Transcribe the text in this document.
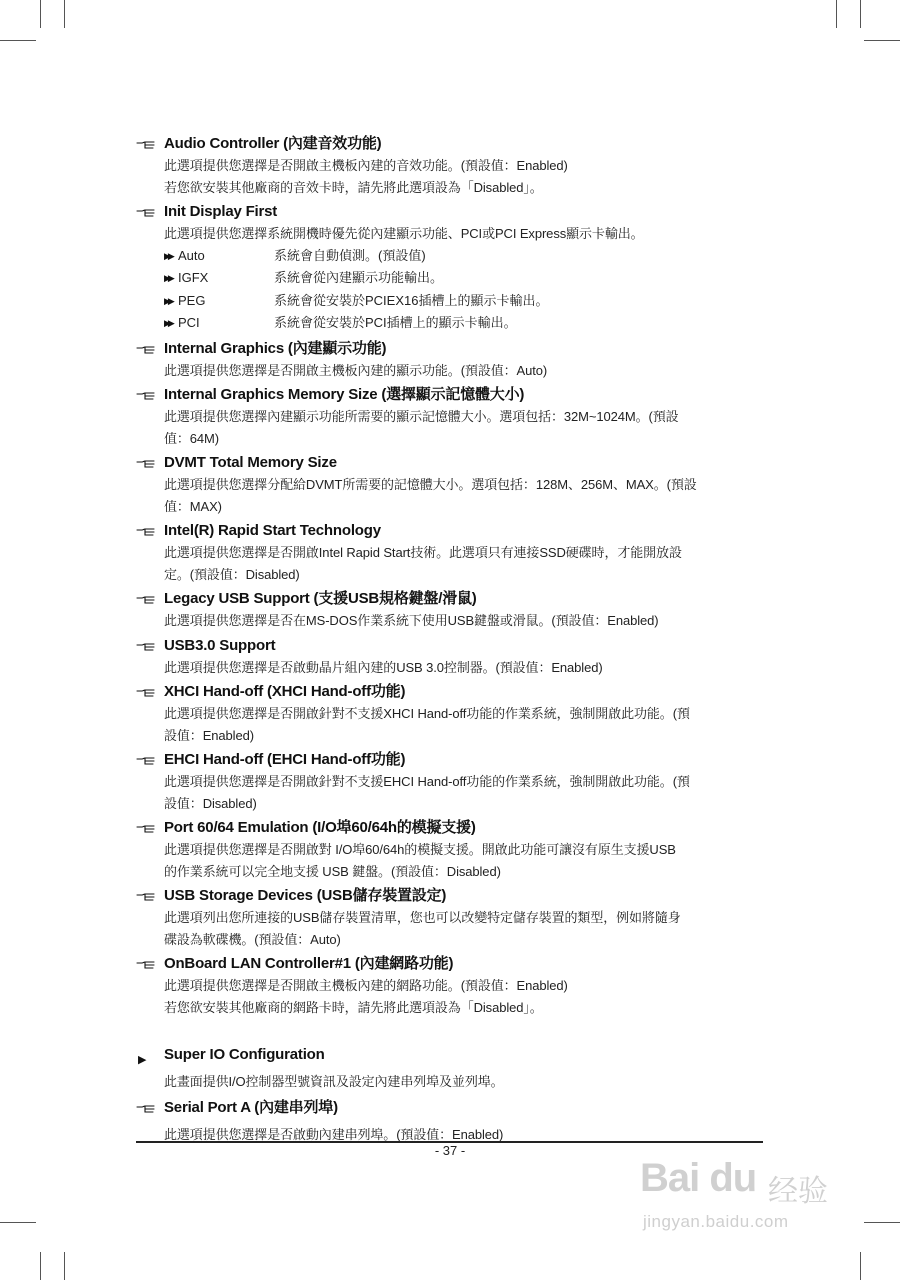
Audio Controller (內建音效功能)
此選項提供您選擇是否開啟主機板內建的音效功能。(預設值：Enabled)
若您欲安裝其他廠商的音效卡時，請先將此選項設為「Disabled」。
Init Display First
此選項提供您選擇系統開機時優先從內建顯示功能、PCI或PCI Express顯示卡輸出。
▶▶ Auto	系統會自動偵測。(預設值)
▶▶ IGFX	系統會從內建顯示功能輸出。
▶▶ PEG	系統會從安裝於PCIEX16插槽上的顯示卡輸出。
▶▶ PCI	系統會從安裝於PCI插槽上的顯示卡輸出。
Internal Graphics (內建顯示功能)
此選項提供您選擇是否開啟主機板內建的顯示功能。(預設值：Auto)
Internal Graphics Memory Size (選擇顯示記憶體大小)
此選項提供您選擇內建顯示功能所需要的顯示記憶體大小。選項包括：32M~1024M。(預設
值：64M)
DVMT Total Memory Size
此選項提供您選擇分配給DVMT所需要的記憶體大小。選項包括：128M、256M、MAX。(預設
值：MAX)
Intel(R) Rapid Start Technology
此選項提供您選擇是否開啟Intel Rapid Start技術。此選項只有連接SSD硬碟時，才能開放設
定。(預設值：Disabled)
Legacy USB Support (支援USB規格鍵盤/滑鼠)
此選項提供您選擇是否在MS-DOS作業系統下使用USB鍵盤或滑鼠。(預設值：Enabled)
USB3.0 Support
此選項提供您選擇是否啟動晶片組內建的USB 3.0控制器。(預設值：Enabled)
XHCI Hand-off (XHCI Hand-off功能)
此選項提供您選擇是否開啟針對不支援XHCI Hand-off功能的作業系統，強制開啟此功能。(預
設值：Enabled)
EHCI Hand-off (EHCI Hand-off功能)
此選項提供您選擇是否開啟針對不支援EHCI Hand-off功能的作業系統，強制開啟此功能。(預
設值：Disabled)
Port 60/64 Emulation (I/O埠60/64h的模擬支援)
此選項提供您選擇是否開啟對 I/O埠60/64h的模擬支援。開啟此功能可讓沒有原生支援USB
的作業系統可以完全地支援 USB 鍵盤。(預設值：Disabled)
USB Storage Devices (USB儲存裝置設定)
此選項列出您所連接的USB儲存裝置清單，您也可以改變特定儲存裝置的類型，例如將隨身
碟設為軟碟機。(預設值：Auto)
OnBoard LAN Controller#1 (內建網路功能)
此選項提供您選擇是否開啟主機板內建的網路功能。(預設值：Enabled)
若您欲安裝其他廠商的網路卡時，請先將此選項設為「Disabled」。
▶ Super IO Configuration
此畫面提供I/O控制器型號資訊及設定內建串列埠及並列埠。
Serial Port A (內建串列埠)
此選項提供您選擇是否啟動內建串列埠。(預設值：Enabled)
- 37 -
Bai du 经验
jingyan.baidu.com
